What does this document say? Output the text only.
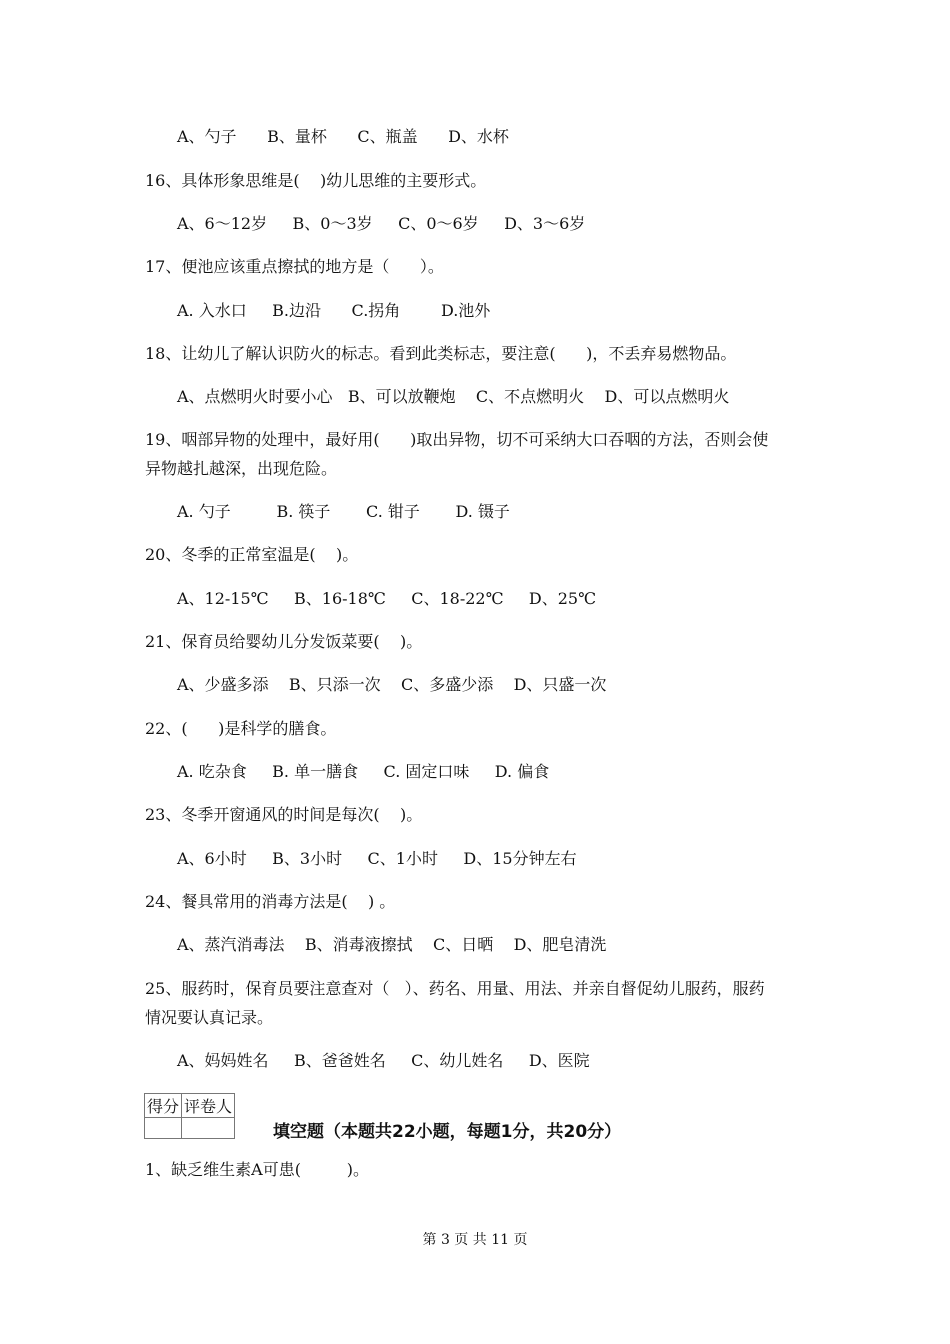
A、勺子      B、量杯      C、瓶盖      D、水杯
16、具体形象思维是(    )幼儿思维的主要形式。
A、6～12岁     B、0～3岁     C、0～6岁     D、3～6岁
17、便池应该重点擦拭的地方是（      ）。
A. 入水口     B.边沿      C.拐角        D.池外
18、让幼儿了解认识防火的标志。看到此类标志，要注意(      )，不丢弃易燃物品。
A、点燃明火时要小心   B、可以放鞭炮    C、不点燃明火    D、可以点燃明火
19、咽部异物的处理中，最好用(      )取出异物，切不可采纳大口吞咽的方法，否则会使
异物越扎越深，出现危险。
A. 勺子         B. 筷子       C. 钳子       D. 镊子
20、冬季的正常室温是(    )。
A、12-15℃     B、16-18℃     C、18-22℃     D、25℃
21、保育员给婴幼儿分发饭菜要(    )。
A、少盛多添    B、只添一次    C、多盛少添    D、只盛一次
22、(      )是科学的膳食。
A. 吃杂食     B. 单一膳食     C. 固定口味     D. 偏食
23、冬季开窗通风的时间是每次(    )。
A、6小时     B、3小时     C、1小时     D、15分钟左右
24、餐具常用的消毒方法是(    ) 。
A、蒸汽消毒法    B、消毒液擦拭    C、日晒    D、肥皂清洗
25、服药时，保育员要注意查对（   ）、药名、用量、用法、并亲自督促幼儿服药，服药
情况要认真记录。
A、妈妈姓名     B、爸爸姓名     C、幼儿姓名     D、医院
得分	评卷人

填空题（本题共22小题，每题1分，共20分）
1、缺乏维生素A可患(         )。
第 3 页 共 11 页
